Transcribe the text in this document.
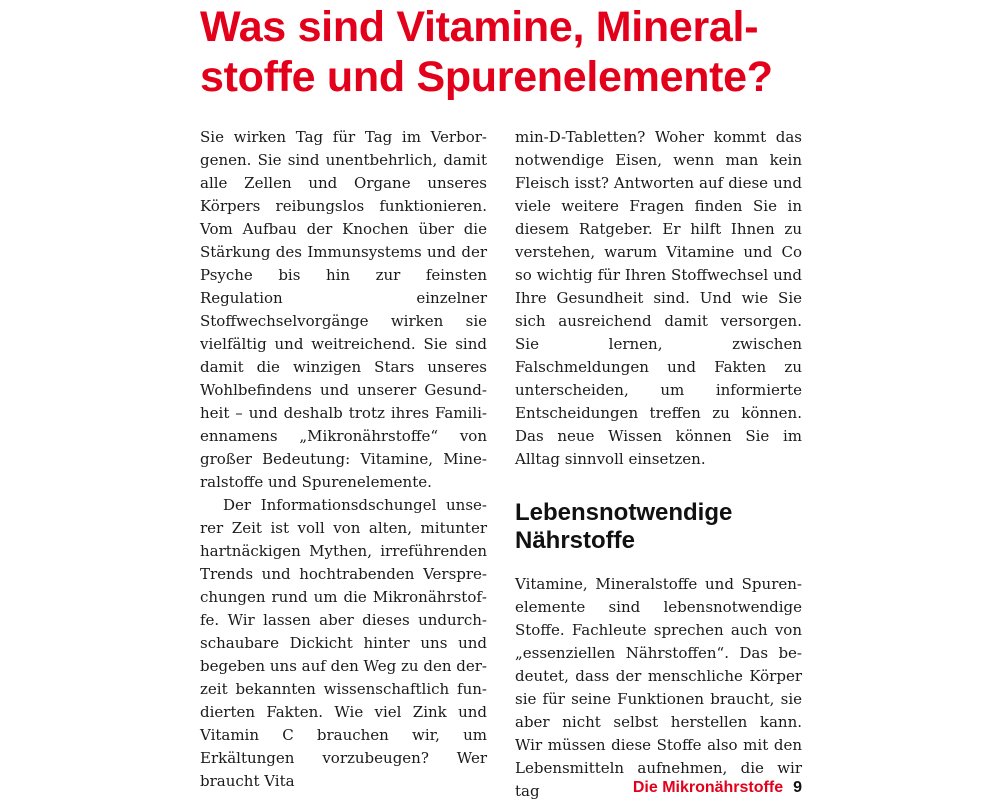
Was sind Vitamine, Mineralstoffe und Spurenelemente?

Sie wirken Tag für Tag im Verborgenen. Sie sind unentbehrlich, damit alle Zellen und Organe unseres Körpers reibungslos funktionieren. Vom Aufbau der Knochen über die Stärkung des Immunsystems und der Psyche bis hin zur feinsten Regulation einzelner Stoffwechselvorgänge wirken sie vielfältig und weitreichend. Sie sind damit die winzigen Stars unseres Wohlbefindens und unserer Gesundheit – und deshalb trotz ihres Familiennamens „Mikronährstoffe“ von großer Bedeutung: Vitamine, Mineralstoffe und Spurenelemente.

Der Informationsdschungel unserer Zeit ist voll von alten, mitunter hartnäckigen Mythen, irreführenden Trends und hochtrabenden Versprechungen rund um die Mikronährstoffe. Wir lassen aber dieses undurchschaubare Dickicht hinter uns und begeben uns auf den Weg zu den derzeit bekannten wissenschaftlich fundierten Fakten. Wie viel Zink und Vitamin C brauchen wir, um Erkältungen vorzubeugen? Wer braucht Vita

min-D-Tabletten? Woher kommt das notwendige Eisen, wenn man kein Fleisch isst? Antworten auf diese und viele weitere Fragen finden Sie in diesem Ratgeber. Er hilft Ihnen zu verstehen, warum Vitamine und Co so wichtig für Ihren Stoffwechsel und Ihre Gesundheit sind. Und wie Sie sich ausreichend damit versorgen. Sie lernen, zwischen Falschmeldungen und Fakten zu unterscheiden, um informierte Entscheidungen treffen zu können. Das neue Wissen können Sie im Alltag sinnvoll einsetzen.

Lebensnotwendige Nährstoffe

Vitamine, Mineralstoffe und Spurenelemente sind lebensnotwendige Stoffe. Fachleute sprechen auch von „essenziellen Nährstoffen“. Das bedeutet, dass der menschliche Körper sie für seine Funktionen braucht, sie aber nicht selbst herstellen kann. Wir müssen diese Stoffe also mit den Lebensmitteln aufnehmen, die wir tag	Die Mikronährstoffe 9
